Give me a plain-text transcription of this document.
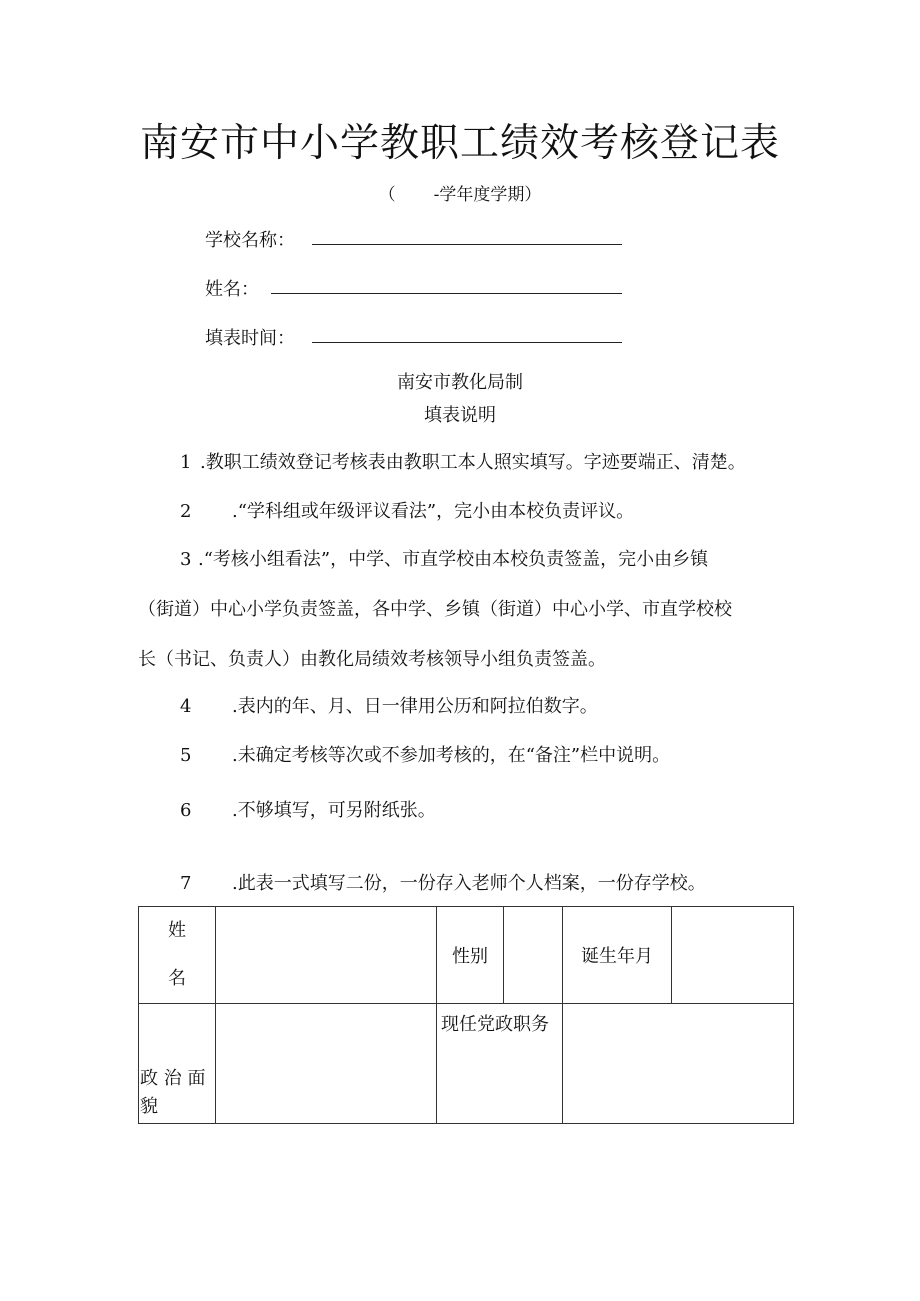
南安市中小学教职工绩效考核登记表
（ -学年度学期）
学校名称：
姓名：
填表时间：
南安市教化局制
填表说明
1 .教职工绩效登记考核表由教职工本人照实填写。字迹要端正、清楚。
2 .“学科组或年级评议看法”，完小由本校负责评议。
3 .“考核小组看法”，中学、市直学校由本校负责签盖，完小由乡镇
（街道）中心小学负责签盖，各中学、乡镇（街道）中心小学、市直学校校
长（书记、负责人）由教化局绩效考核领导小组负责签盖。
4 .表内的年、月、日一律用公历和阿拉伯数字。
5 .未确定考核等次或不参加考核的，在“备注”栏中说明。
6 .不够填写，可另附纸张。
7 .此表一式填写二份，一份存入老师个人档案，一份存学校。
姓
名		性别		诞生年月	

政 治 面
貌		现任党政职务			
